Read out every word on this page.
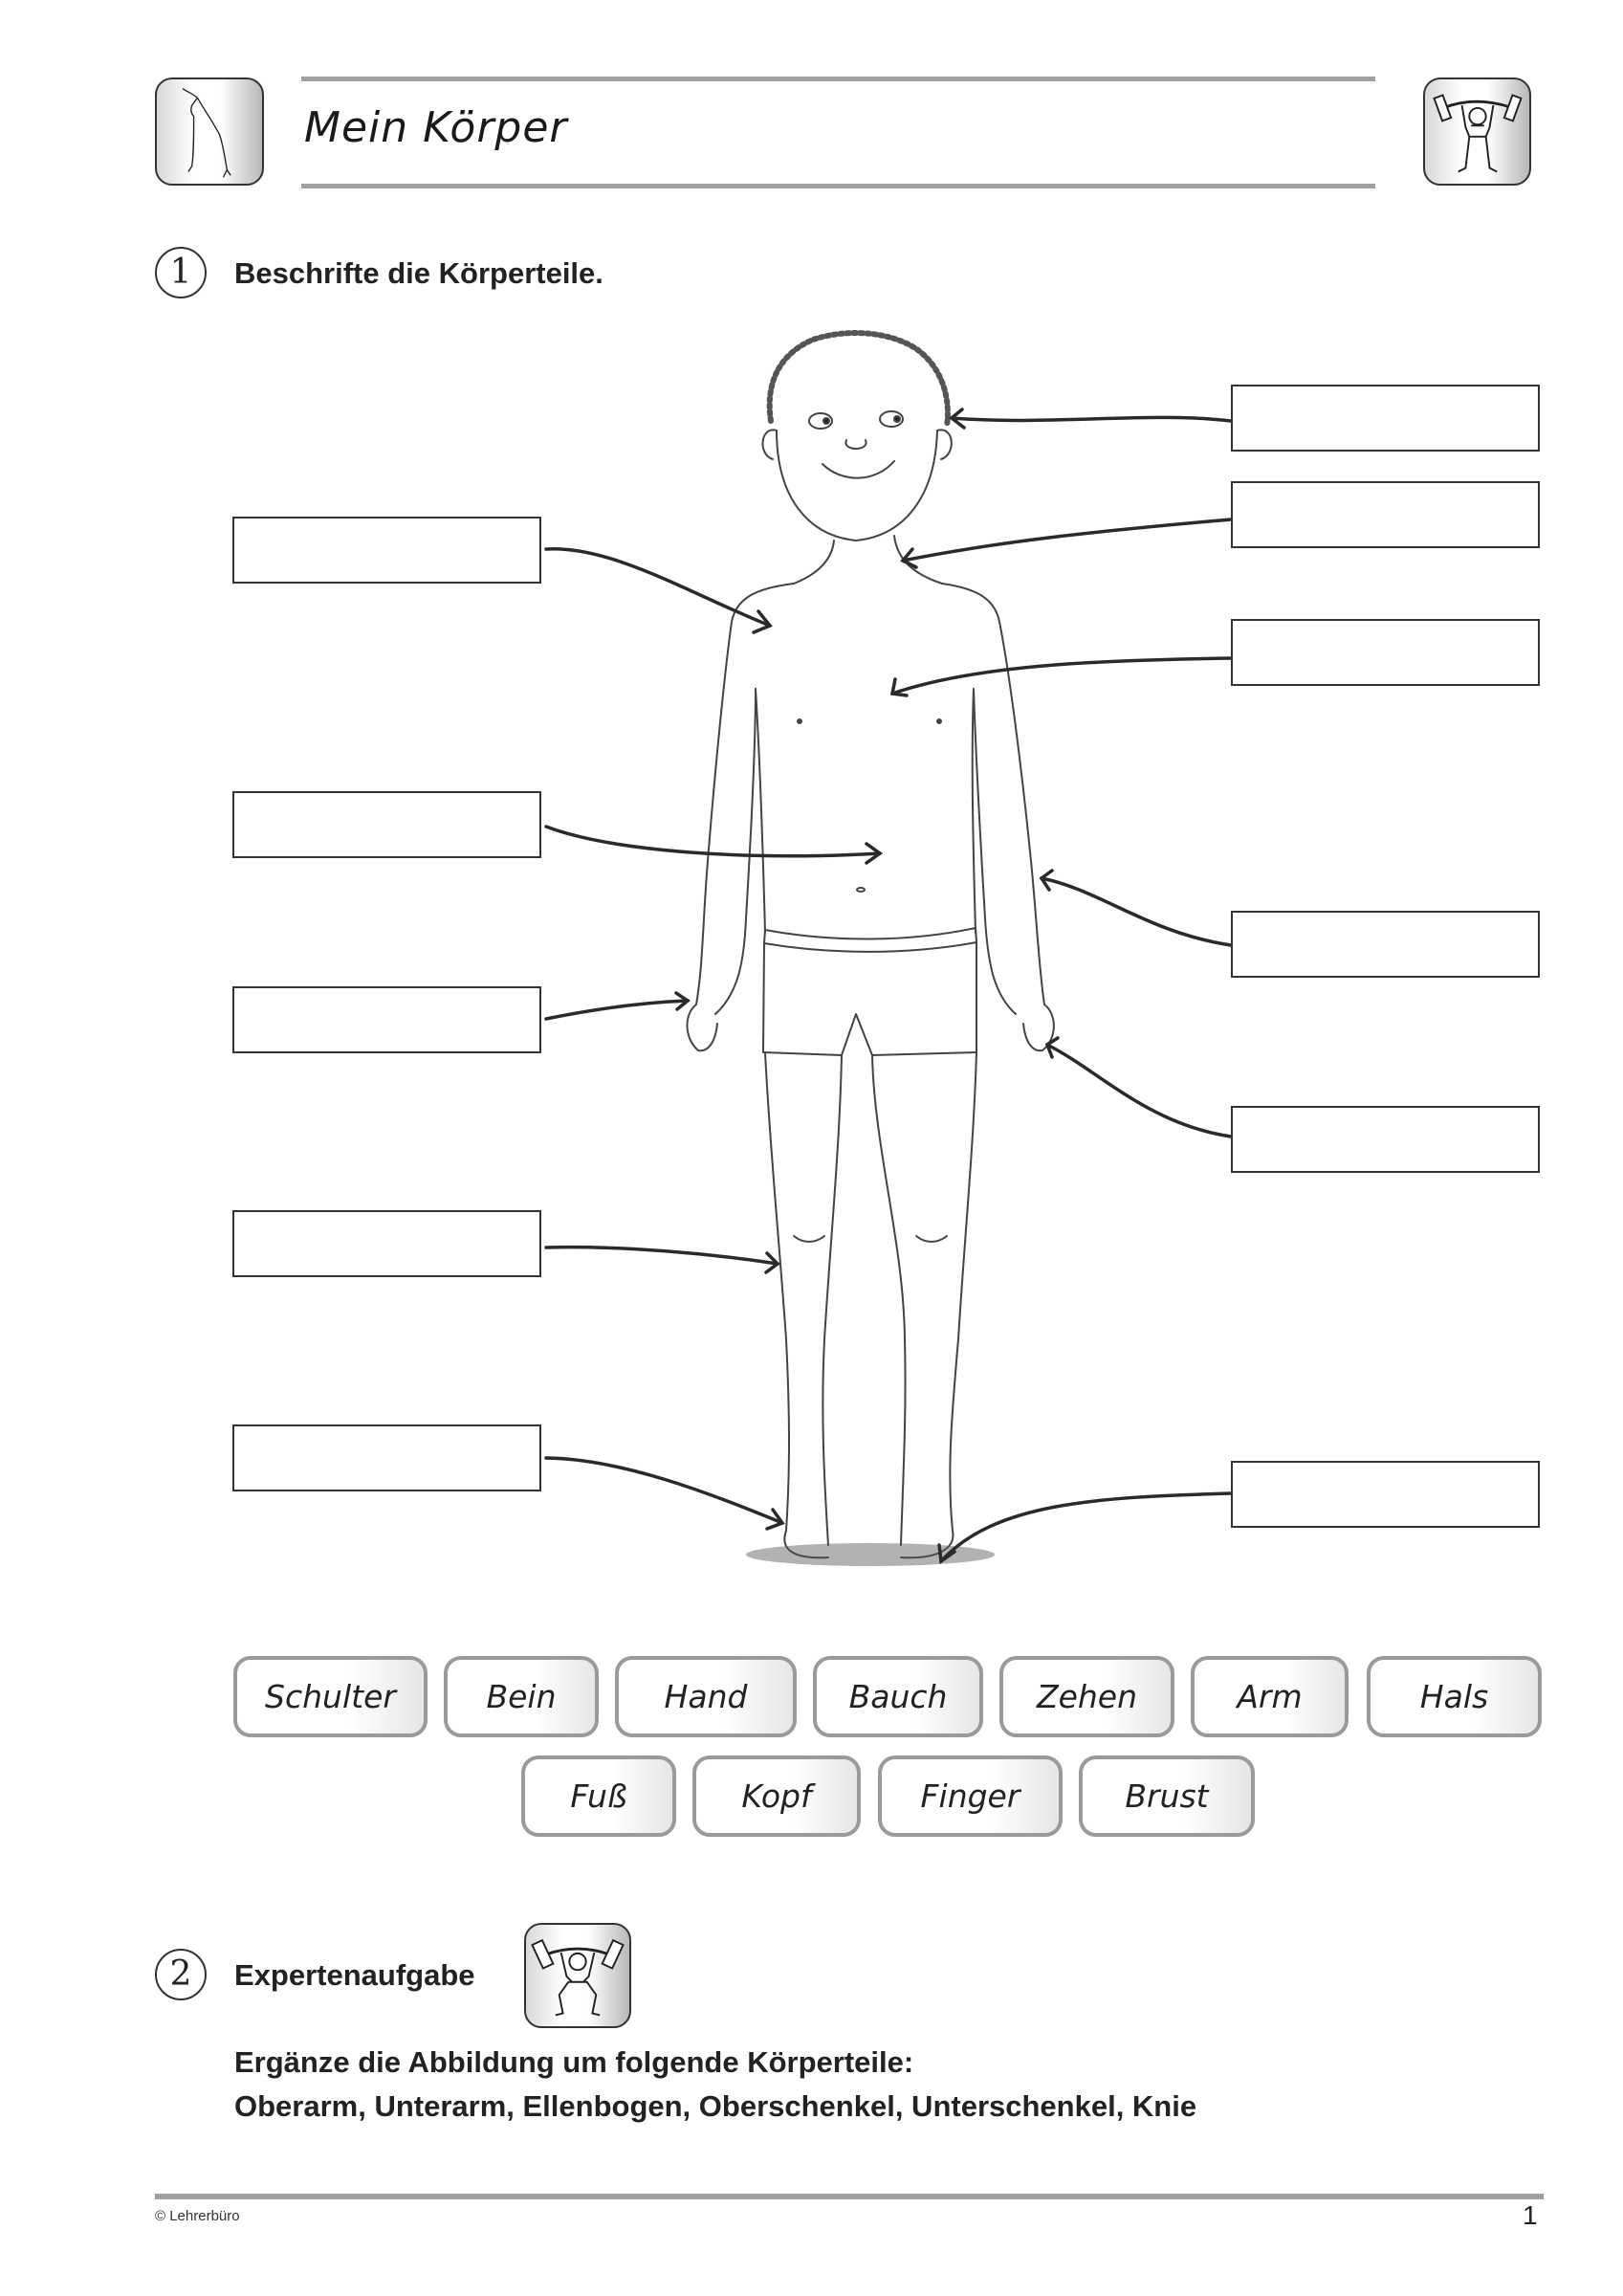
Mein Körper
1	Beschrifte die Körperteile.
Schulter	Bein	Hand	Bauch	Zehen	Arm	Hals
Fuß	Kopf	Finger	Brust
2	Expertenaufgabe
Ergänze die Abbildung um folgende Körperteile:
Oberarm, Unterarm, Ellenbogen, Oberschenkel, Unterschenkel, Knie
© Lehrerbüro	1
